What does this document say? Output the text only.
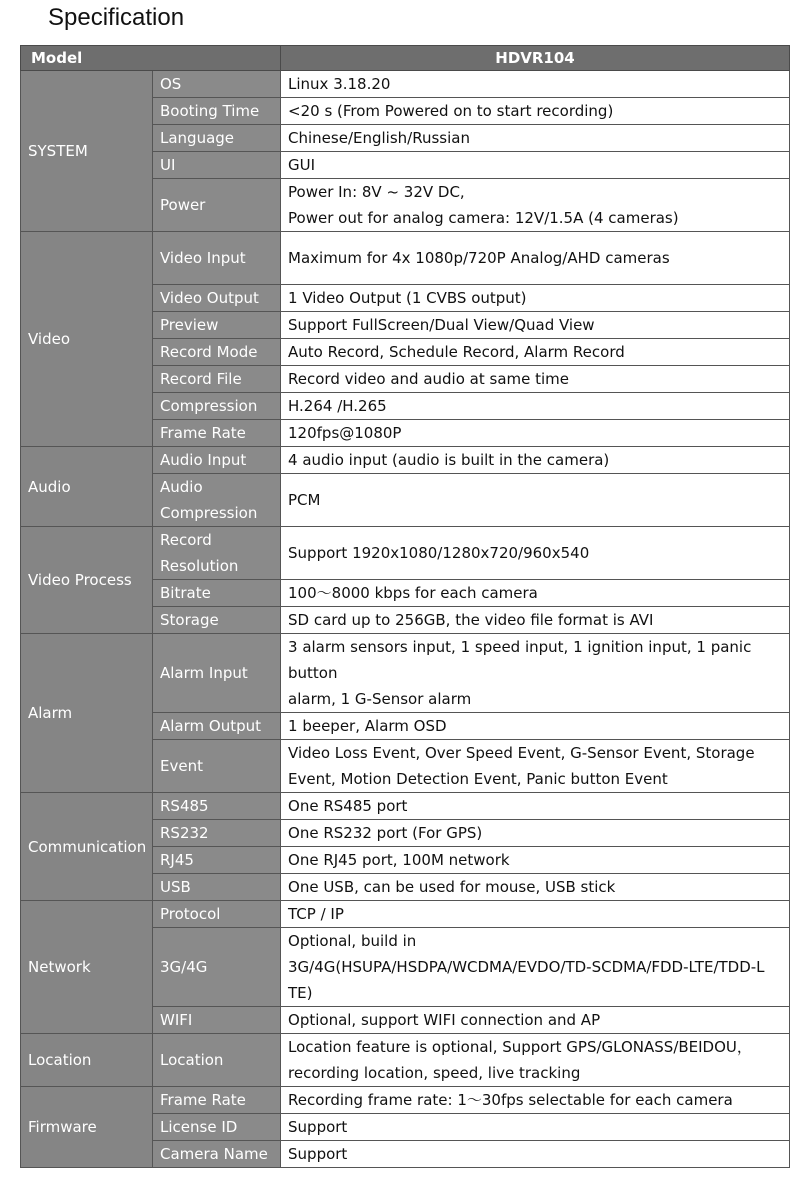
Specification
Model		HDVR104
SYSTEM	OS	Linux 3.18.20

	Booting Time	<20 s (From Powered on to start recording)

	Language	Chinese/English/Russian

	UI	GUI

	Power	Power In: 8V ~ 32V DC,
Power out for analog camera: 12V/1.5A (4 cameras)

Video	Video Input	Maximum for 4x 1080p/720P Analog/AHD cameras

	Video Output	1 Video Output (1 CVBS output)

	Preview	Support FullScreen/Dual View/Quad View

	Record Mode	Auto Record, Schedule Record, Alarm Record

	Record File	Record video and audio at same time

	Compression	H.264 /H.265

	Frame Rate	120fps@1080P

Audio	Audio Input	4 audio input (audio is built in the camera)

	Audio
Compression	PCM

Video Process	Record
Resolution	Support 1920x1080/1280x720/960x540

	Bitrate	100～8000 kbps for each camera

	Storage	SD card up to 256GB, the video file format is AVI

Alarm	Alarm Input	3 alarm sensors input, 1 speed input, 1 ignition input, 1 panic button
alarm, 1 G-Sensor alarm

	Alarm Output	1 beeper, Alarm OSD

	Event	Video Loss Event, Over Speed Event, G-Sensor Event, Storage
Event, Motion Detection Event, Panic button Event

Communication	RS485	One RS485 port

	RS232	One RS232 port (For GPS)

	RJ45	One RJ45 port, 100M network

	USB	One USB, can be used for mouse, USB stick

Network	Protocol	TCP / IP

	3G/4G	Optional, build in
3G/4G(HSUPA/HSDPA/WCDMA/EVDO/TD-SCDMA/FDD-LTE/TDD-L
TE)

	WIFI	Optional, support WIFI connection and AP

Location	Location	Location feature is optional, Support GPS/GLONASS/BEIDOU，
recording location, speed, live tracking

Firmware	Frame Rate	Recording frame rate: 1～30fps selectable for each camera

	License ID	Support

	Camera Name	Support
